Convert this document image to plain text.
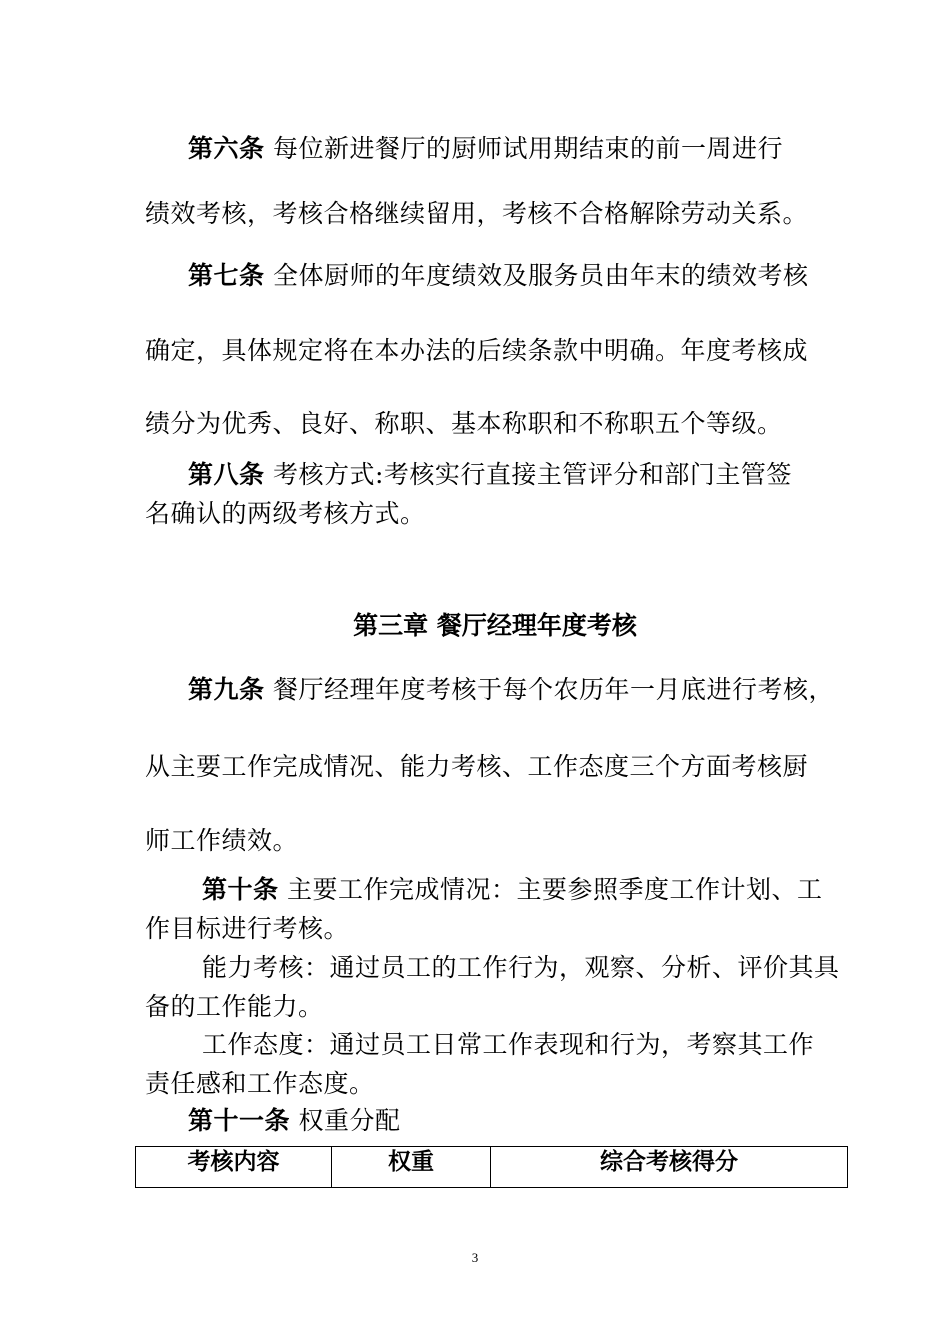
第六条 每位新进餐厅的厨师试用期结束的前一周进行
绩效考核，考核合格继续留用，考核不合格解除劳动关系。
第七条 全体厨师的年度绩效及服务员由年末的绩效考核
确定，具体规定将在本办法的后续条款中明确。年度考核成
绩分为优秀、良好、称职、基本称职和不称职五个等级。
第八条 考核方式:考核实行直接主管评分和部门主管签
名确认的两级考核方式。
第三章 餐厅经理年度考核
第九条 餐厅经理年度考核于每个农历年一月底进行考核，
从主要工作完成情况、能力考核、工作态度三个方面考核厨
师工作绩效。
第十条 主要工作完成情况：主要参照季度工作计划、工
作目标进行考核。
能力考核：通过员工的工作行为，观察、分析、评价其具
备的工作能力。
工作态度：通过员工日常工作表现和行为，考察其工作
责任感和工作态度。
第十一条 权重分配
考核内容	权重	综合考核得分
3
